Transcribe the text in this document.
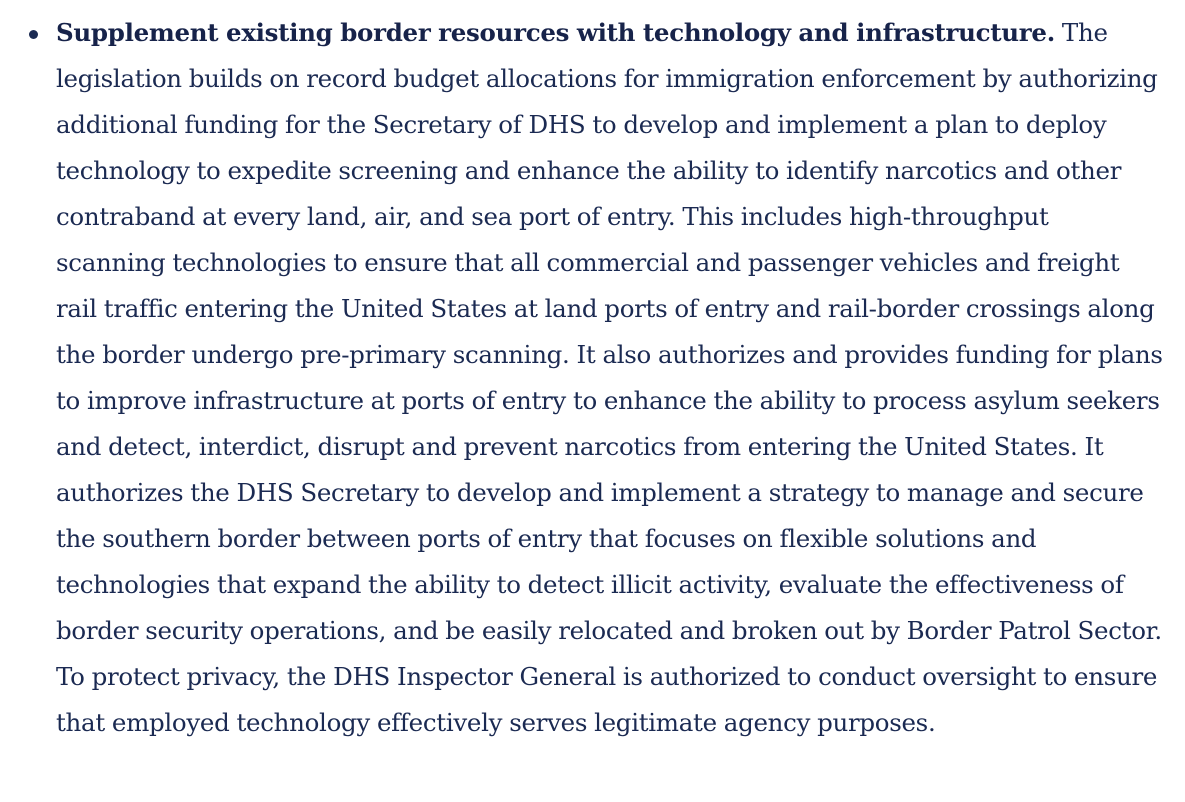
Supplement existing border resources with technology and infrastructure. The legislation builds on record budget allocations for immigration enforcement by authorizing additional funding for the Secretary of DHS to develop and implement a plan to deploy technology to expedite screening and enhance the ability to identify narcotics and other contraband at every land, air, and sea port of entry. This includes high-throughput scanning technologies to ensure that all commercial and passenger vehicles and freight rail traffic entering the United States at land ports of entry and rail-border crossings along the border undergo pre-primary scanning. It also authorizes and provides funding for plans to improve infrastructure at ports of entry to enhance the ability to process asylum seekers and detect, interdict, disrupt and prevent narcotics from entering the United States. It authorizes the DHS Secretary to develop and implement a strategy to manage and secure the southern border between ports of entry that focuses on flexible solutions and technologies that expand the ability to detect illicit activity, evaluate the effectiveness of border security operations, and be easily relocated and broken out by Border Patrol Sector. To protect privacy, the DHS Inspector General is authorized to conduct oversight to ensure that employed technology effectively serves legitimate agency purposes.
